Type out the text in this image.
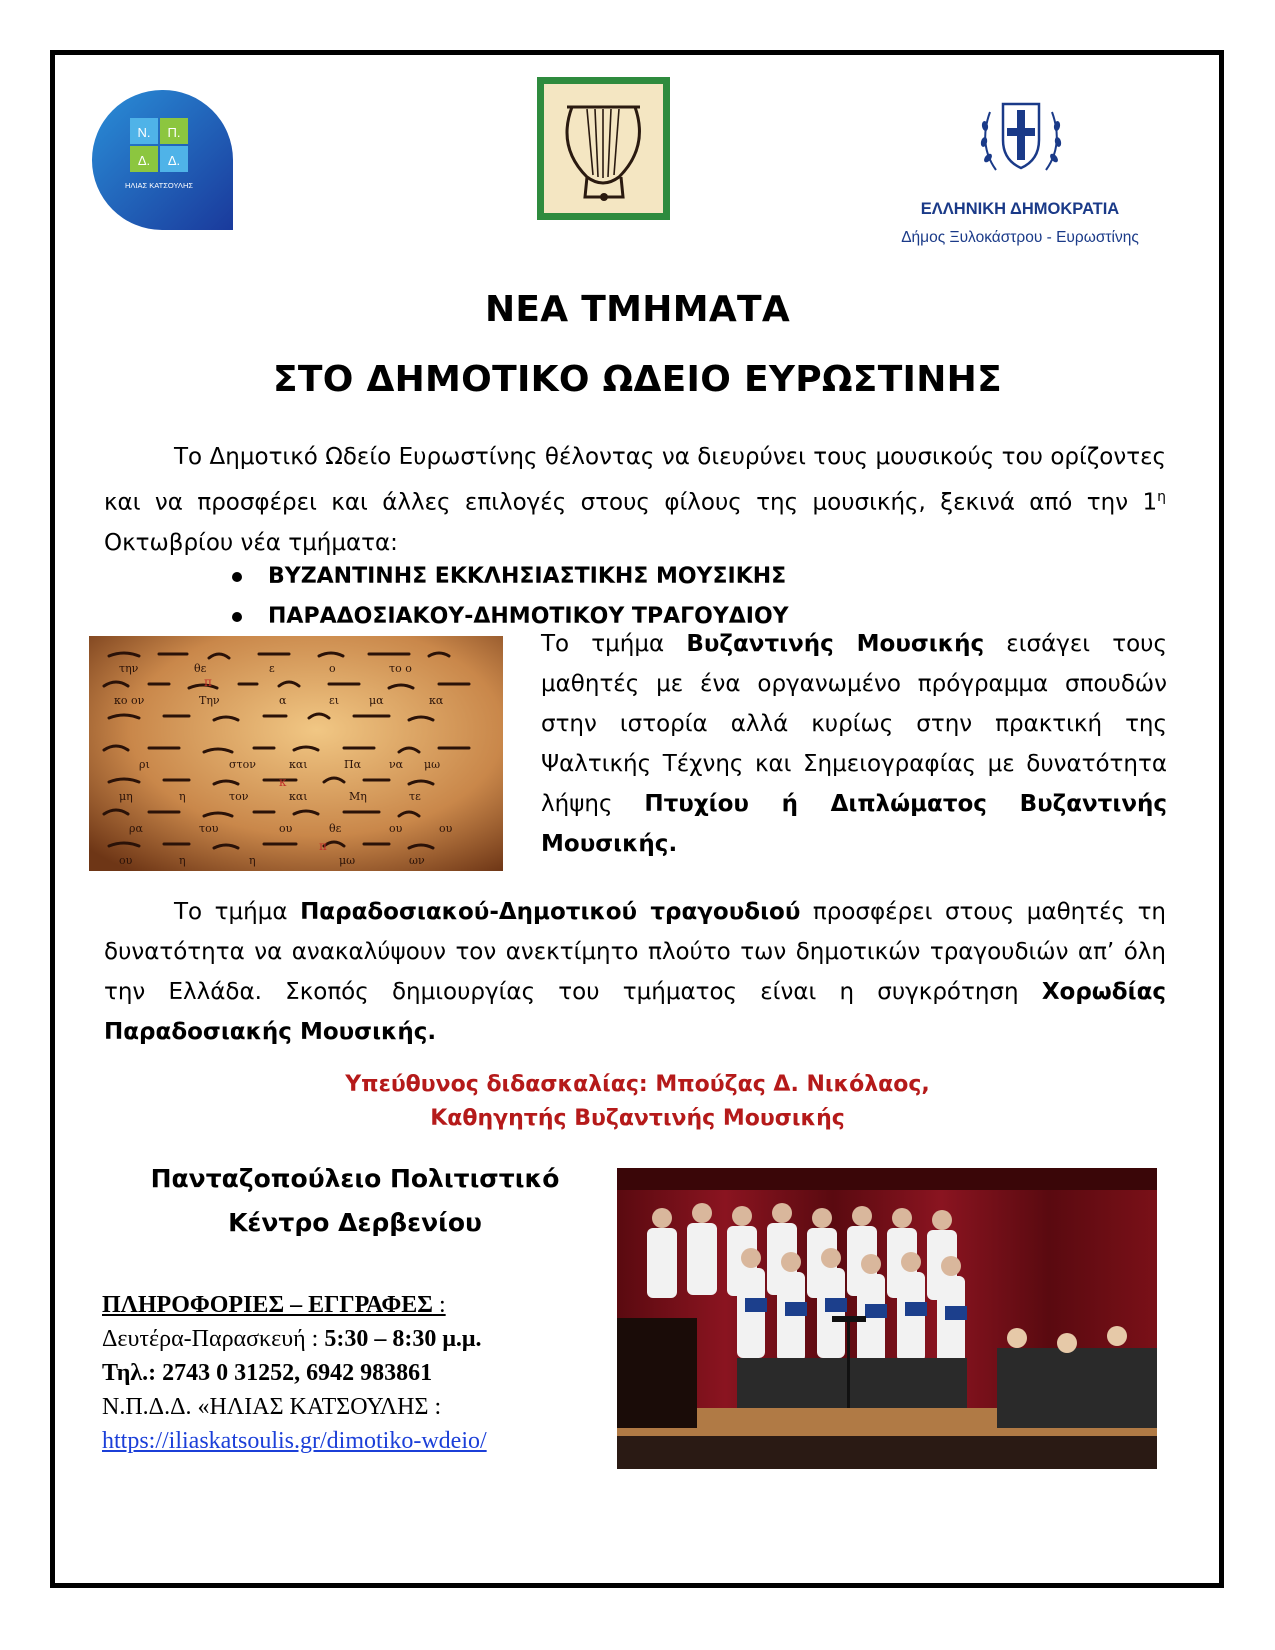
Ν. Π.
Δ. Δ.
ΗΛΙΑΣ ΚΑΤΣΟΥΛΗΣ
ΕΛΛΗΝΙΚΗ ΔΗΜΟΚΡΑΤΙΑ
Δήμος Ξυλοκάστρου - Ευρωστίνης
ΝΕΑ ΤΜΗΜΑΤΑ
ΣΤΟ ΔΗΜΟΤΙΚΟ ΩΔΕΙΟ ΕΥΡΩΣΤΙΝΗΣ
Το Δημοτικό Ωδείο Ευρωστίνης θέλοντας να διευρύνει τους μουσικούς του ορίζοντες και να προσφέρει και άλλες επιλογές στους φίλους της μουσικής, ξεκινά από την $1^\eta$ Οκτωβρίου νέα τμήματα:
ΒΥΖΑΝΤΙΝΗΣ ΕΚΚΛΗΣΙΑΣΤΙΚΗΣ ΜΟΥΣΙΚΗΣ
ΠΑΡΑΔΟΣΙΑΚΟΥ-ΔΗΜΟΤΙΚΟΥ ΤΡΑΓΟΥΔΙΟΥ
την	θε	ε	ο	το ο
κο ον	Την	α	ει	μα	κα
ρι	στον	και	Πα	να μω
μη	η	τον	και	Μη	τε
ρα	του	ου	θε	ου	ου
ου	η	η	μω	ων
π
κ
π
Το τμήμα Βυζαντινής Μουσικής εισάγει τους μαθητές με ένα οργανωμένο πρόγραμμα σπουδών στην ιστορία αλλά κυρίως στην πρακτική της Ψαλτικής Τέχνης και Σημειογραφίας με δυνατότητα λήψης Πτυχίου ή Διπλώματος Βυζαντινής Μουσικής.
Το τμήμα Παραδοσιακού-Δημοτικού τραγουδιού προσφέρει στους μαθητές τη δυνατότητα να ανακαλύψουν τον ανεκτίμητο πλούτο των δημοτικών τραγουδιών απ’ όλη την Ελλάδα. Σκοπός δημιουργίας του τμήματος είναι η συγκρότηση Χορωδίας Παραδοσιακής Μουσικής.
Υπεύθυνος διδασκαλίας: Μπούζας Δ. Νικόλαος,
Καθηγητής Βυζαντινής Μουσικής
Πανταζοπούλειο Πολιτιστικό
Κέντρο Δερβενίου
ΠΛΗΡΟΦΟΡΙΕΣ – ΕΓΓΡΑΦΕΣ :
Δευτέρα-Παρασκευή : 5:30 – 8:30 μ.μ.
Τηλ.: 2743 0 31252, 6942 983861
Ν.Π.Δ.Δ. «ΗΛΙΑΣ ΚΑΤΣΟΥΛΗΣ :
https://iliaskatsoulis.gr/dimotiko-wdeio/
